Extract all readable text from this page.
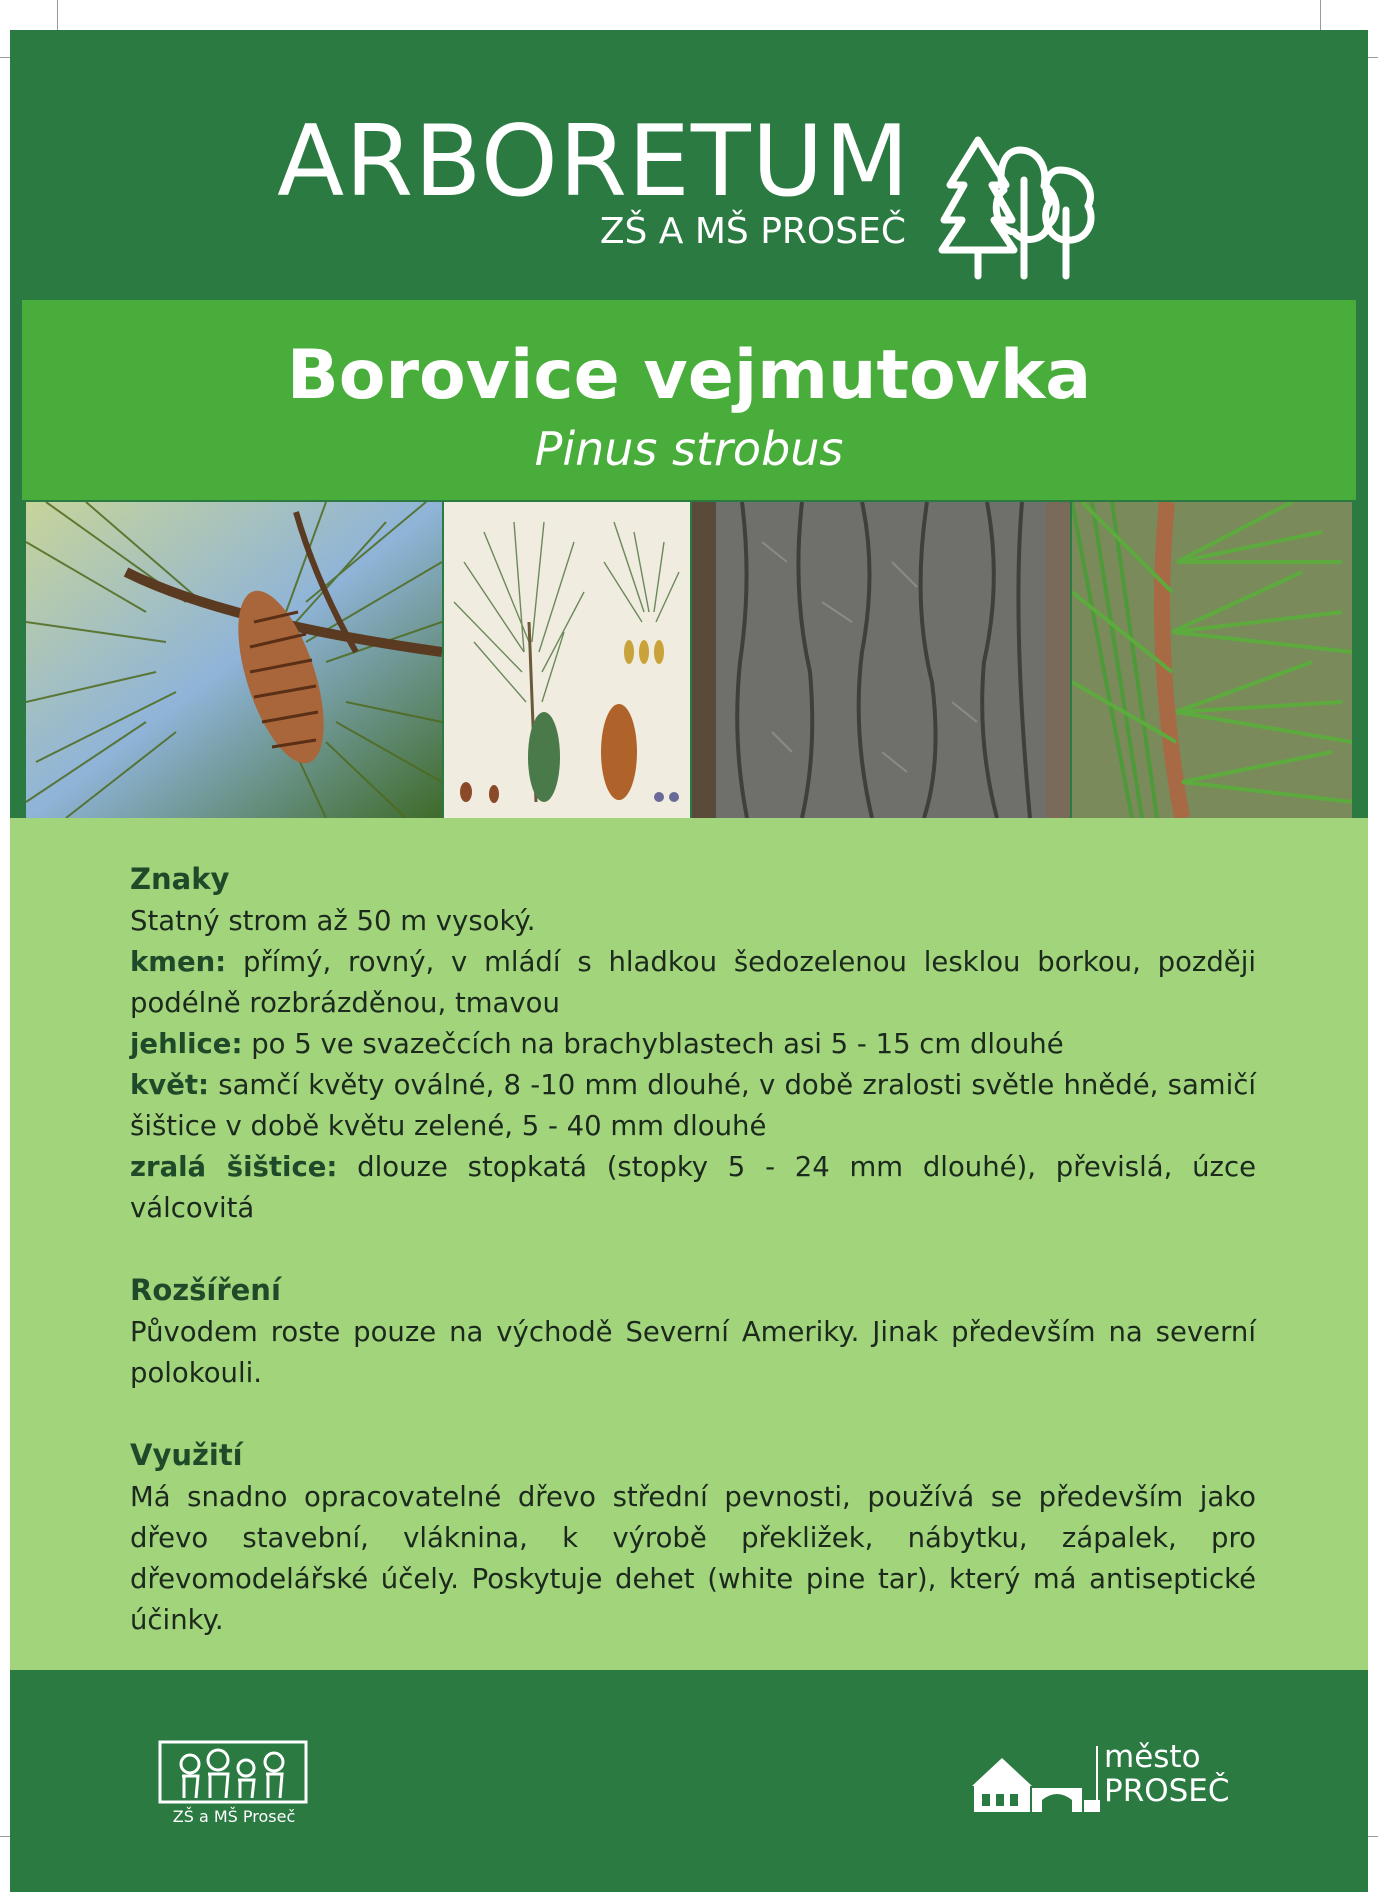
ARBORETUM
ZŠ A MŠ PROSEČ
Borovice vejmutovka
Pinus strobus
Znaky

Statný strom až 50 m vysoký.

kmen: přímý, rovný, v mládí s hladkou šedozelenou lesklou borkou, později podélně rozbrázděnou, tmavou

jehlice: po 5 ve svazečcích na brachyblastech asi 5 - 15 cm dlouhé

květ: samčí květy oválné, 8 -10 mm dlouhé, v době zralosti světle hnědé, samičí šištice v době květu zelené, 5 - 40 mm dlouhé

zralá šištice: dlouze stopkatá (stopky 5 - 24 mm dlouhé), převislá, úzce válcovitá

Rozšíření

Původem roste pouze na východě Severní Ameriky. Jinak především na severní polokouli.

Využití

Má snadno opracovatelné dřevo střední pevnosti, používá se především jako dřevo stavební, vláknina, k výrobě překližek, nábytku, zápalek, pro dřevomodelářské účely. Poskytuje dehet (white pine tar), který má antiseptické účinky.

ZŠ a MŠ Proseč
město
PROSEČ
